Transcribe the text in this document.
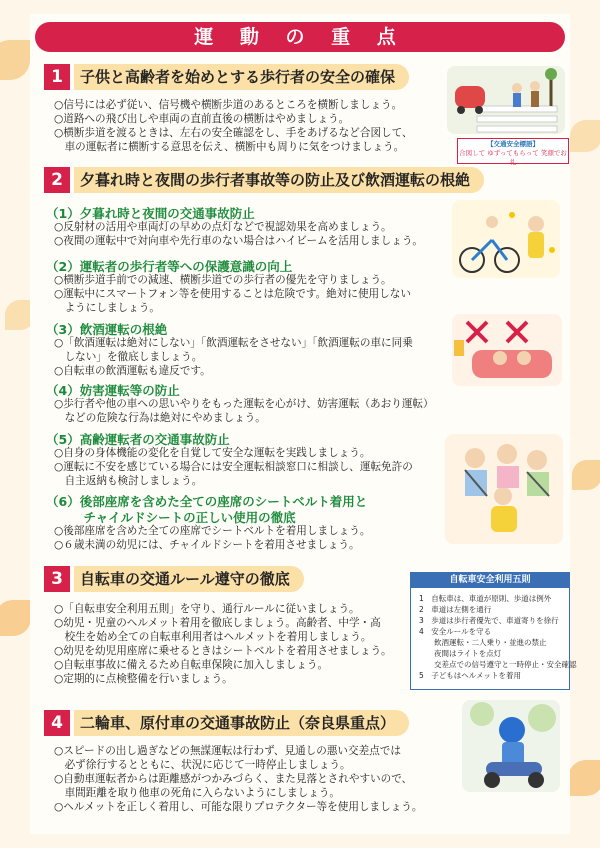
運 動 の 重 点
1	子供と高齢者を始めとする歩行者の安全の確保
○信号には必ず従い、信号機や横断歩道のあるところを横断しましょう。
○道路への飛び出しや車両の直前直後の横断はやめましょう。
○横断歩道を渡るときは、左右の安全確認をし、手をあげるなど合図して、
　車の運転者に横断する意思を伝え、横断中も周りに気をつけましょう。	【交通安全標語】
合図して ゆずってもらって 笑顔でお礼
2	夕暮れ時と夜間の歩行者事故等の防止及び飲酒運転の根絶
（1）夕暮れ時と夜間の交通事故防止
○反射材の活用や車両灯の早めの点灯などで視認効果を高めましょう。
○夜間の運転中で対向車や先行車のない場合はハイビームを活用しましょう。
（2）運転者の歩行者等への保護意識の向上
○横断歩道手前での減速、横断歩道での歩行者の優先を守りましょう。
○運転中にスマートフォン等を使用することは危険です。絶対に使用しない
　ようにしましょう。
（3）飲酒運転の根絶
○「飲酒運転は絶対にしない」「飲酒運転をさせない」「飲酒運転の車に同乗
　しない」を徹底しましょう。
○自転車の飲酒運転も違反です。
（4）妨害運転等の防止
○歩行者や他の車への思いやりをもった運転を心がけ、妨害運転（あおり運転）
　などの危険な行為は絶対にやめましょう。
（5）高齢運転者の交通事故防止
○自身の身体機能の変化を自覚して安全な運転を実践しましょう。
○運転に不安を感じている場合には安全運転相談窓口に相談し、運転免許の
　自主返納も検討しましょう。
（6）後部座席を含めた全ての座席のシートベルト着用と
　　　チャイルドシートの正しい使用の徹底
○後部座席を含めた全ての座席でシートベルトを着用しましょう。
○６歳未満の幼児には、チャイルドシートを着用させましょう。
3	自転車の交通ルール遵守の徹底
○「自転車安全利用五則」を守り、通行ルールに従いましょう。
○幼児・児童のヘルメット着用を徹底しましょう。高齢者、中学・高
　校生を始め全ての自転車利用者はヘルメットを着用しましょう。
○幼児を幼児用座席に乗せるときはシートベルトを着用させましょう。
○自転車事故に備えるため自転車保険に加入しましょう。
○定期的に点検整備を行いましょう。
自転車安全利用五則
1　自転車は、車道が原則、歩道は例外
2　車道は左側を通行
3　歩道は歩行者優先で、車道寄りを徐行
4　安全ルールを守る
　　飲酒運転・二人乗り・並進の禁止
　　夜間はライトを点灯
　　交差点での信号遵守と一時停止・安全確認
5　子どもはヘルメットを着用
4	二輪車、原付車の交通事故防止（奈良県重点）
○スピードの出し過ぎなどの無謀運転は行わず、見通しの悪い交差点では
　必ず徐行するとともに、状況に応じて一時停止しましょう。
○自動車運転者からは距離感がつかみづらく、また見落とされやすいので、
　車間距離を取り他車の死角に入らないようにしましょう。
○ヘルメットを正しく着用し、可能な限りプロテクター等を使用しましょう。
